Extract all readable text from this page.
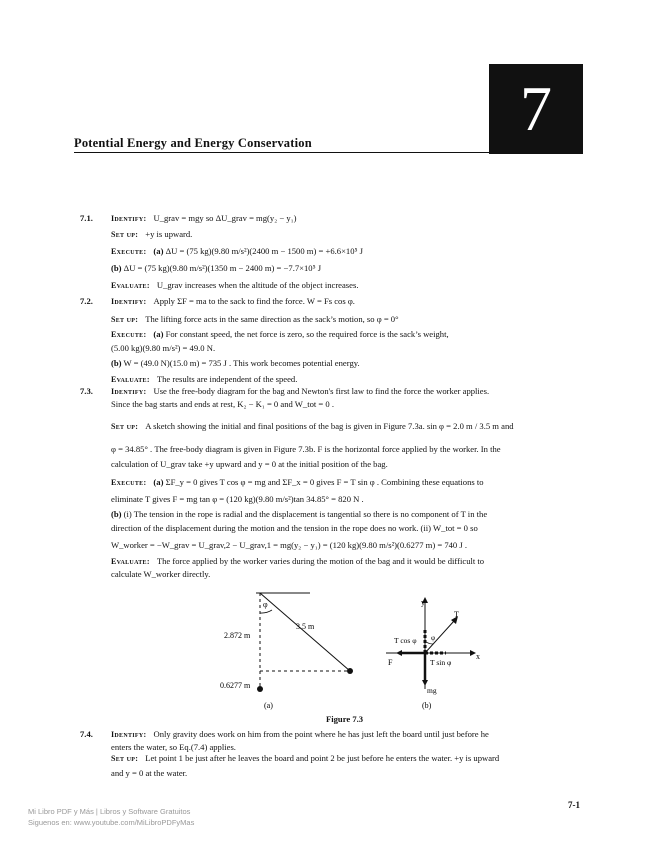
7
Potential Energy and Energy Conservation
7.1. Identify: U_grav = mgy so ΔU_grav = mg(y₂ − y₁)
Set up: +y is upward.
Execute: (a) ΔU = (75 kg)(9.80 m/s²)(2400 m − 1500 m) = +6.6×10⁵ J
(b) ΔU = (75 kg)(9.80 m/s²)(1350 m − 2400 m) = −7.7×10⁵ J
Evaluate: U_grav increases when the altitude of the object increases.
7.2. Identify: Apply ΣF = ma to the sack to find the force. W = Fs cos φ.
Set up: The lifting force acts in the same direction as the sack’s motion, so φ = 0°
Execute: (a) For constant speed, the net force is zero, so the required force is the sack’s weight,
(5.00 kg)(9.80 m/s²) = 49.0 N.
(b) W = (49.0 N)(15.0 m) = 735 J . This work becomes potential energy.
Evaluate: The results are independent of the speed.
7.3. Identify: Use the free-body diagram for the bag and Newton's first law to find the force the worker applies.
Since the bag starts and ends at rest, K₂ − K₁ = 0 and W_tot = 0 .
Set up: A sketch showing the initial and final positions of the bag is given in Figure 7.3a. sin φ = 2.0 m / 3.5 m and
φ = 34.85° . The free-body diagram is given in Figure 7.3b. F is the horizontal force applied by the worker. In the
calculation of U_grav take +y upward and y = 0 at the initial position of the bag.
Execute: (a) ΣF_y = 0 gives T cos φ = mg and ΣF_x = 0 gives F = T sin φ . Combining these equations to
eliminate T gives F = mg tan φ = (120 kg)(9.80 m/s²)tan 34.85° = 820 N .
(b) (i) The tension in the rope is radial and the displacement is tangential so there is no component of T in the
direction of the displacement during the motion and the tension in the rope does no work. (ii) W_tot = 0 so
W_worker = −W_grav = U_grav,2 − U_grav,1 = mg(y₂ − y₁) = (120 kg)(9.80 m/s²)(0.6277 m) = 740 J .
Evaluate: The force applied by the worker varies during the motion of the bag and it would be difficult to
calculate W_worker directly.
7.4. Identify: Only gravity does work on him from the point where he has just left the board until just before he
enters the water, so Eq.(7.4) applies.
Set up: Let point 1 be just after he leaves the board and point 2 be just before he enters the water. +y is upward
and y = 0 at the water.
φ
3.5 m
2.872 m
0.6277 m
(a)
y
x
T
φ
T cos φ
T sin φ
F
mg
(b)
Figure 7.3
7-1
Mi Libro PDF y Más | Libros y Software Gratuitos
Siguenos en: www.youtube.com/MiLibroPDFyMas
